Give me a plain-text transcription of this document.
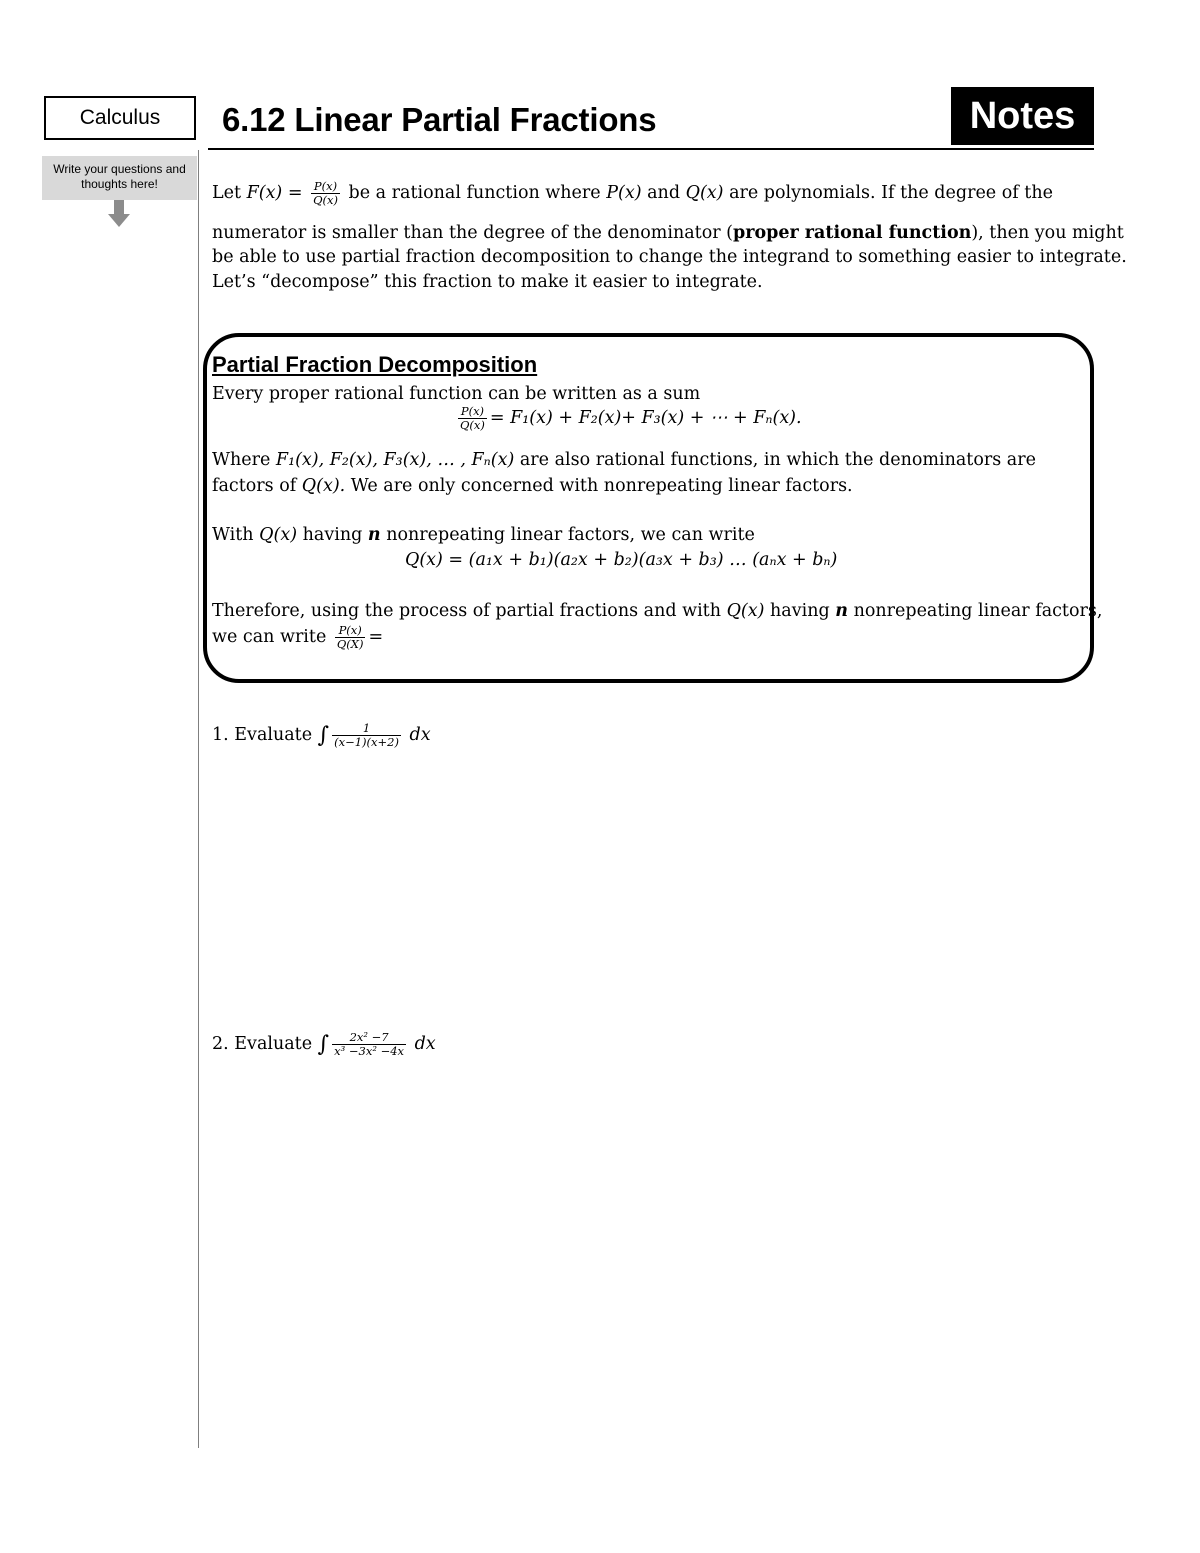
Calculus
Write your questions and thoughts here!
6.12 Linear Partial Fractions	Notes
Let $F(x) = \frac{P(x)}{Q(x)}$ be a rational function where P(x) and Q(x) are polynomials. If the degree of the
numerator is smaller than the degree of the denominator (proper rational function), then you might
be able to use partial fraction decomposition to change the integrand to something easier to integrate.
Let’s “decompose” this fraction to make it easier to integrate.
Partial Fraction Decomposition
Every proper rational function can be written as a sum
$\frac{P(x)}{Q(x)} = F_1(x) + F_2(x)+ F_3(x)$ + ⋯ + Fₙ(x).
Where F₁(x), F₂(x), F₃(x), … , Fₙ(x) are also rational functions, in which the denominators are
factors of Q(x). We are only concerned with nonrepeating linear factors.
With Q(x) having n nonrepeating linear factors, we can write
Q(x) = (a₁x + b₁)(a₂x + b₂)(a₃x + b₃) … (aₙx + bₙ)
Therefore, using the process of partial fractions and with Q(x) having n nonrepeating linear factors,
we can write $\frac{P(x)}{Q(X)}$ =
1. Evaluate ∫ $\frac{1}{(x-1)(x+2)}$ dx
2. Evaluate ∫ $\frac{\text{2x² −7}}{\text{x³ −3x² −4x}}$ dx
